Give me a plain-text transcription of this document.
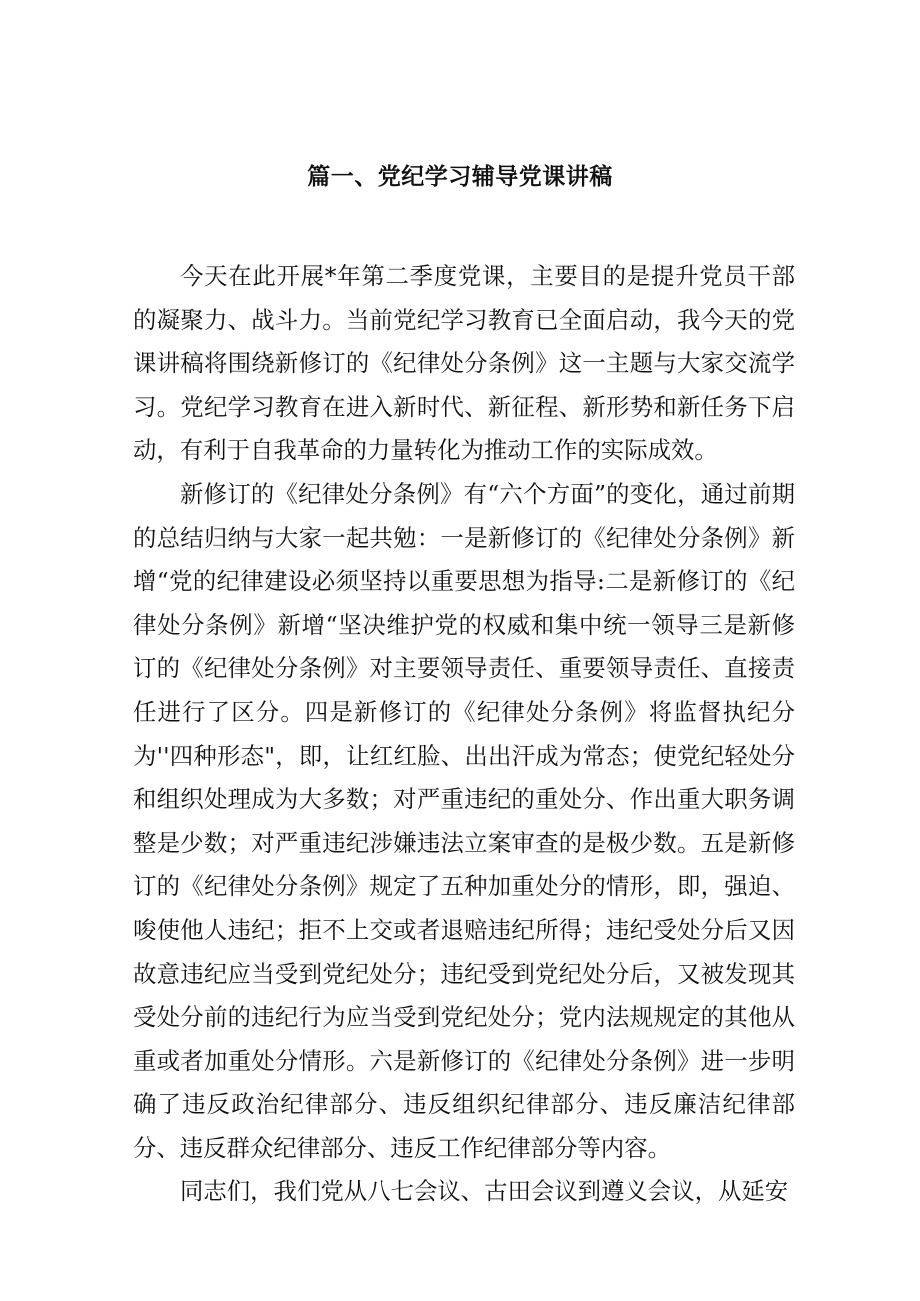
篇一、党纪学习辅导党课讲稿

今天在此开展*年第二季度党课，主要目的是提升党员干部的凝聚力、战斗力。当前党纪学习教育已全面启动，我今天的党课讲稿将围绕新修订的《纪律处分条例》这一主题与大家交流学习。党纪学习教育在进入新时代、新征程、新形势和新任务下启动，有利于自我革命的力量转化为推动工作的实际成效。

新修订的《纪律处分条例》有“六个方面”的变化，通过前期的总结归纳与大家一起共勉：一是新修订的《纪律处分条例》新增“党的纪律建设必须坚持以重要思想为指导:二是新修订的《纪律处分条例》新增“坚决维护党的权威和集中统一领导三是新修订的《纪律处分条例》对主要领导责任、重要领导责任、直接责任进行了区分。四是新修订的《纪律处分条例》将监督执纪分为''四种形态"，即，让红红脸、出出汗成为常态；使党纪轻处分和组织处理成为大多数；对严重违纪的重处分、作出重大职务调整是少数；对严重违纪涉嫌违法立案审查的是极少数。五是新修订的《纪律处分条例》规定了五种加重处分的情形，即，强迫、唆使他人违纪；拒不上交或者退赔违纪所得；违纪受处分后又因故意违纪应当受到党纪处分；违纪受到党纪处分后，又被发现其受处分前的违纪行为应当受到党纪处分；党内法规规定的其他从重或者加重处分情形。六是新修订的《纪律处分条例》进一步明确了违反政治纪律部分、违反组织纪律部分、违反廉洁纪律部分、违反群众纪律部分、违反工作纪律部分等内容。

同志们，我们党从八七会议、古田会议到遵义会议，从延安
